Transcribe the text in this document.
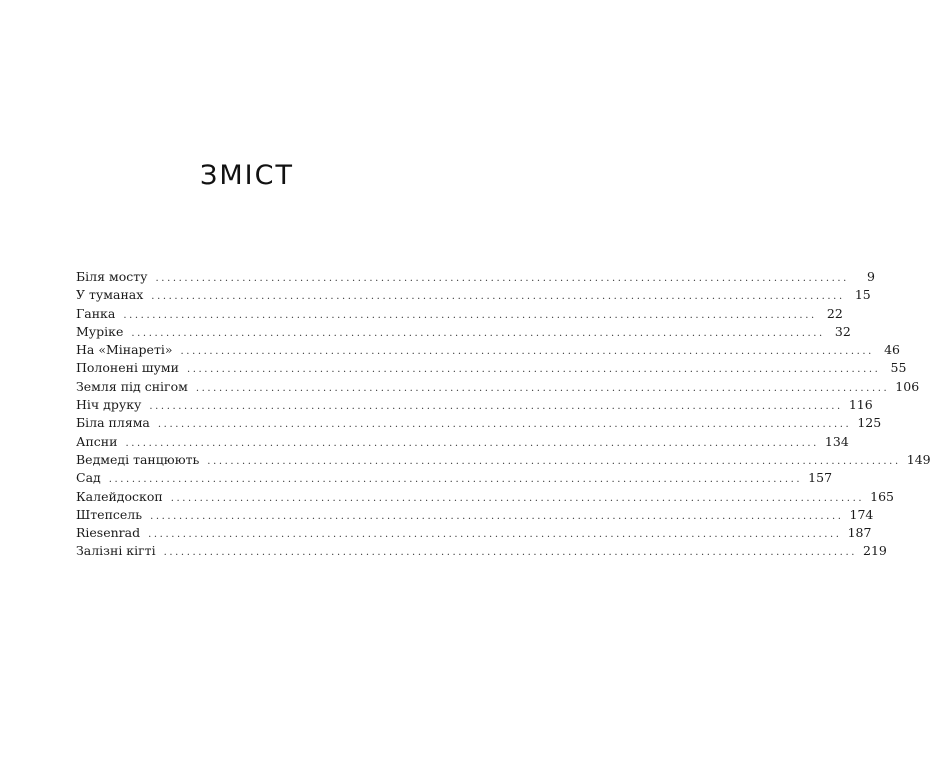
ЗМІСТ
Біля мосту ........................................................................................................................	9
У туманах ........................................................................................................................ 15
Ганка ........................................................................................................................ 22
Муріке ........................................................................................................................ 32
На «Мінареті» ........................................................................................................................ 46
Полонені шуми ........................................................................................................................ 55
Земля під снігом ........................................................................................................................ 106
Ніч друку ........................................................................................................................ 116
Біла пляма ........................................................................................................................ 125
Апсни ........................................................................................................................ 134
Ведмеді танцюють ........................................................................................................................ 149
Сад ........................................................................................................................ 157
Калейдоскоп ........................................................................................................................ 165
Штепсель ........................................................................................................................ 174
Riesenrad ........................................................................................................................ 187
Залізні кігті ........................................................................................................................ 219
